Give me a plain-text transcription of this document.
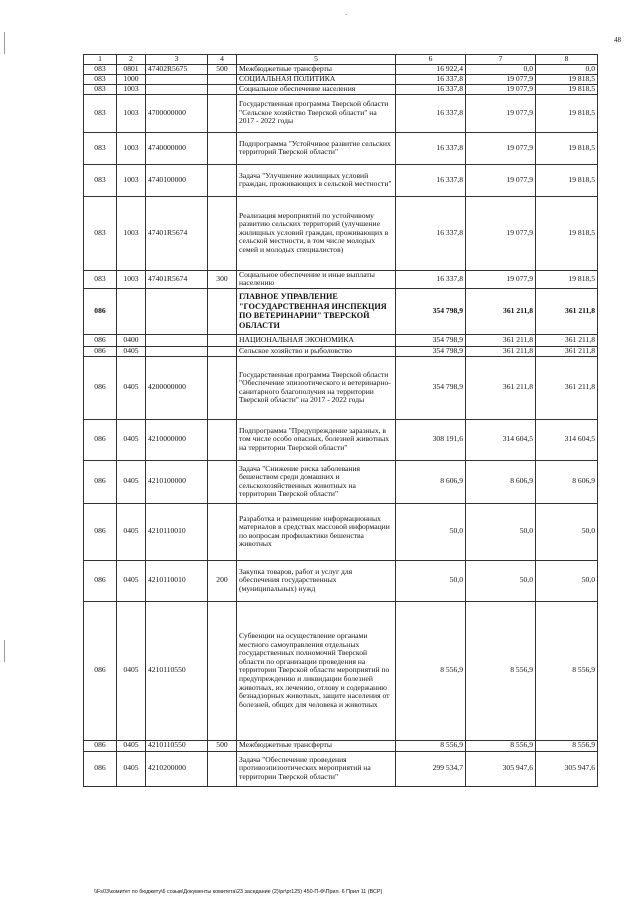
-
48
1	2	3	4	5	6	7	8
083	0801	47402R5675	500	Межбюджетные трансферты	16 922,4	0,0	0,0
083	1000			СОЦИАЛЬНАЯ ПОЛИТИКА	16 337,8	19 077,9	19 818,5
083	1003			Социальное обеспечение населения	16 337,8	19 077,9	19 818,5
083	1003	4700000000		Государственная программа Тверской области "Сельское хозяйство Тверской области" на 2017 - 2022 годы	16 337,8	19 077,9	19 818,5
083	1003	4740000000		Подпрограмма "Устойчивое развитие сельских территорий Тверской области"	16 337,8	19 077,9	19 818,5
083	1003	4740100000		Задача "Улучшение жилищных условий граждан, проживающих в сельской местности"	16 337,8	19 077,9	19 818,5
083	1003	47401R5674		Реализация мероприятий по устойчивому развитию сельских территорий (улучшение жилищных условий граждан, проживающих в сельской местности, в том числе молодых семей и молодых специалистов)	16 337,8	19 077,9	19 818,5
083	1003	47401R5674	300	Социальное обеспечение и иные выплаты населению	16 337,8	19 077,9	19 818,5
086				ГЛАВНОЕ УПРАВЛЕНИЕ "ГОСУДАРСТВЕННАЯ ИНСПЕКЦИЯ ПО ВЕТЕРИНАРИИ" ТВЕРСКОЙ ОБЛАСТИ	354 798,9	361 211,8	361 211,8
086	0400			НАЦИОНАЛЬНАЯ ЭКОНОМИКА	354 798,9	361 211,8	361 211,8
086	0405			Сельское хозяйство и рыболовство	354 798,9	361 211,8	361 211,8
086	0405	4200000000		Государственная программа Тверской области "Обеспечение эпизоотического и ветеринарно-санитарного благополучия на территории Тверской области" на 2017 - 2022 годы	354 798,9	361 211,8	361 211,8
086	0405	4210000000		Подпрограмма "Предупреждение заразных, в том числе особо опасных, болезней животных на территории Тверской области"	308 191,6	314 604,5	314 604,5
086	0405	4210100000		Задача "Снижение риска заболевания бешенством среди домашних и сельскохозяйственных животных на территории Тверской области"	8 606,9	8 606,9	8 606,9
086	0405	4210110010		Разработка и размещение информационных материалов в средствах массовой информации по вопросам профилактики бешенства животных	50,0	50,0	50,0
086	0405	4210110010	200	Закупка товаров, работ и услуг для обеспечения государственных (муниципальных) нужд	50,0	50,0	50,0
086	0405	4210110550		Субвенции на осуществление органами местного самоуправления отдельных государственных полномочий Тверской области по организации проведения на территории Тверской области мероприятий по предупреждению и ликвидации болезней животных, их лечению, отлову и содержанию безнадзорных животных, защите населения от болезней, общих для человека и животных	8 556,9	8 556,9	8 556,9
086	0405	4210110550	500	Межбюджетные трансферты	8 556,9	8 556,9	8 556,9
086	0405	4210200000		Задача "Обеспечение проведения противоэпизоотических мероприятий на территории Тверской области"	299 534,7	305 947,6	305 947,6
\\Fs03\комитет по бюджету\6 созыв\Документы комитета\23 заседание (2)\pr\pr125) 450-П-Ф\Прил. 6 Прил 11 (ВСР)
